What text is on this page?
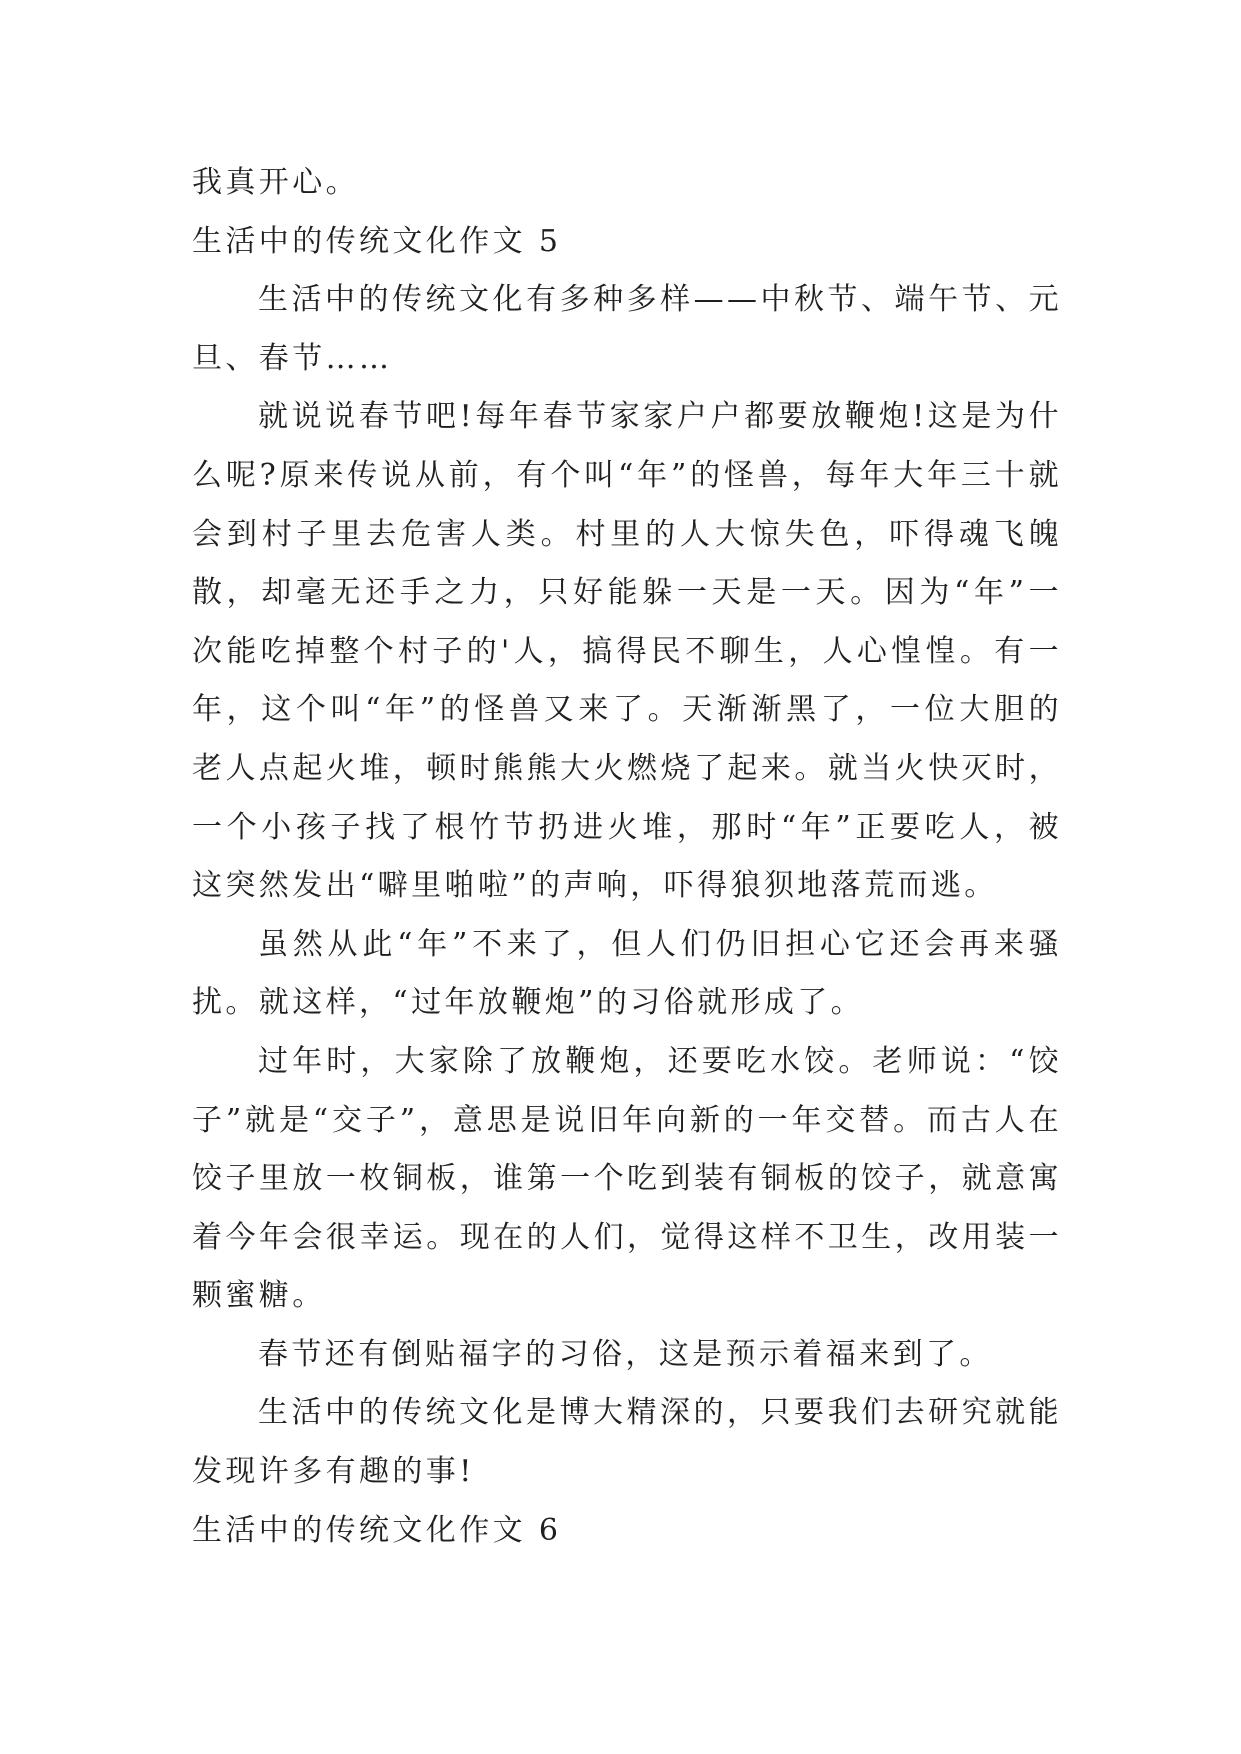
我真开心。

生活中的传统文化作文 5

生活中的传统文化有多种多样——中秋节、端午节、元旦、春节……

就说说春节吧!每年春节家家户户都要放鞭炮!这是为什么呢?原来传说从前，有个叫“年”的怪兽，每年大年三十就会到村子里去危害人类。村里的人大惊失色，吓得魂飞魄散，却毫无还手之力，只好能躲一天是一天。因为“年”一次能吃掉整个村子的'人，搞得民不聊生，人心惶惶。有一年，这个叫“年”的怪兽又来了。天渐渐黑了，一位大胆的老人点起火堆，顿时熊熊大火燃烧了起来。就当火快灭时，一个小孩子找了根竹节扔进火堆，那时“年”正要吃人，被这突然发出“噼里啪啦”的声响，吓得狼狈地落荒而逃。

虽然从此“年”不来了，但人们仍旧担心它还会再来骚扰。就这样，“过年放鞭炮”的习俗就形成了。

过年时，大家除了放鞭炮，还要吃水饺。老师说：“饺子”就是“交子”，意思是说旧年向新的一年交替。而古人在饺子里放一枚铜板，谁第一个吃到装有铜板的饺子，就意寓着今年会很幸运。现在的人们，觉得这样不卫生，改用装一颗蜜糖。

春节还有倒贴福字的习俗，这是预示着福来到了。

生活中的传统文化是博大精深的，只要我们去研究就能发现许多有趣的事!

生活中的传统文化作文 6
